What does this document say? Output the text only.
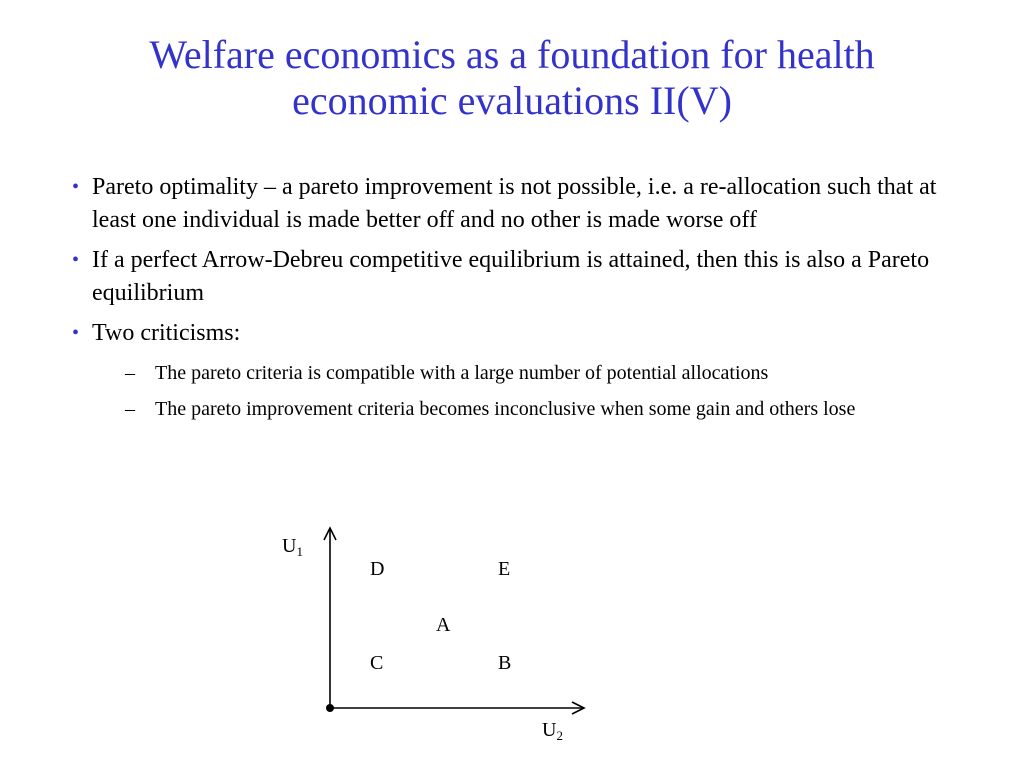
Welfare economics as a foundation for health
economic evaluations II(V)
• Pareto optimality – a pareto improvement is not possible, i.e. a re-allocation such that at least one individual is made better off and no other is made worse off
• If a perfect Arrow-Debreu competitive equilibrium is attained, then this is also a Pareto equilibrium
• Two criticisms:
– The pareto criteria is compatible with a large number of potential allocations
– The pareto improvement criteria becomes inconclusive when some gain and others lose
$U_1$
$U_2$
D	E
A
C	B
